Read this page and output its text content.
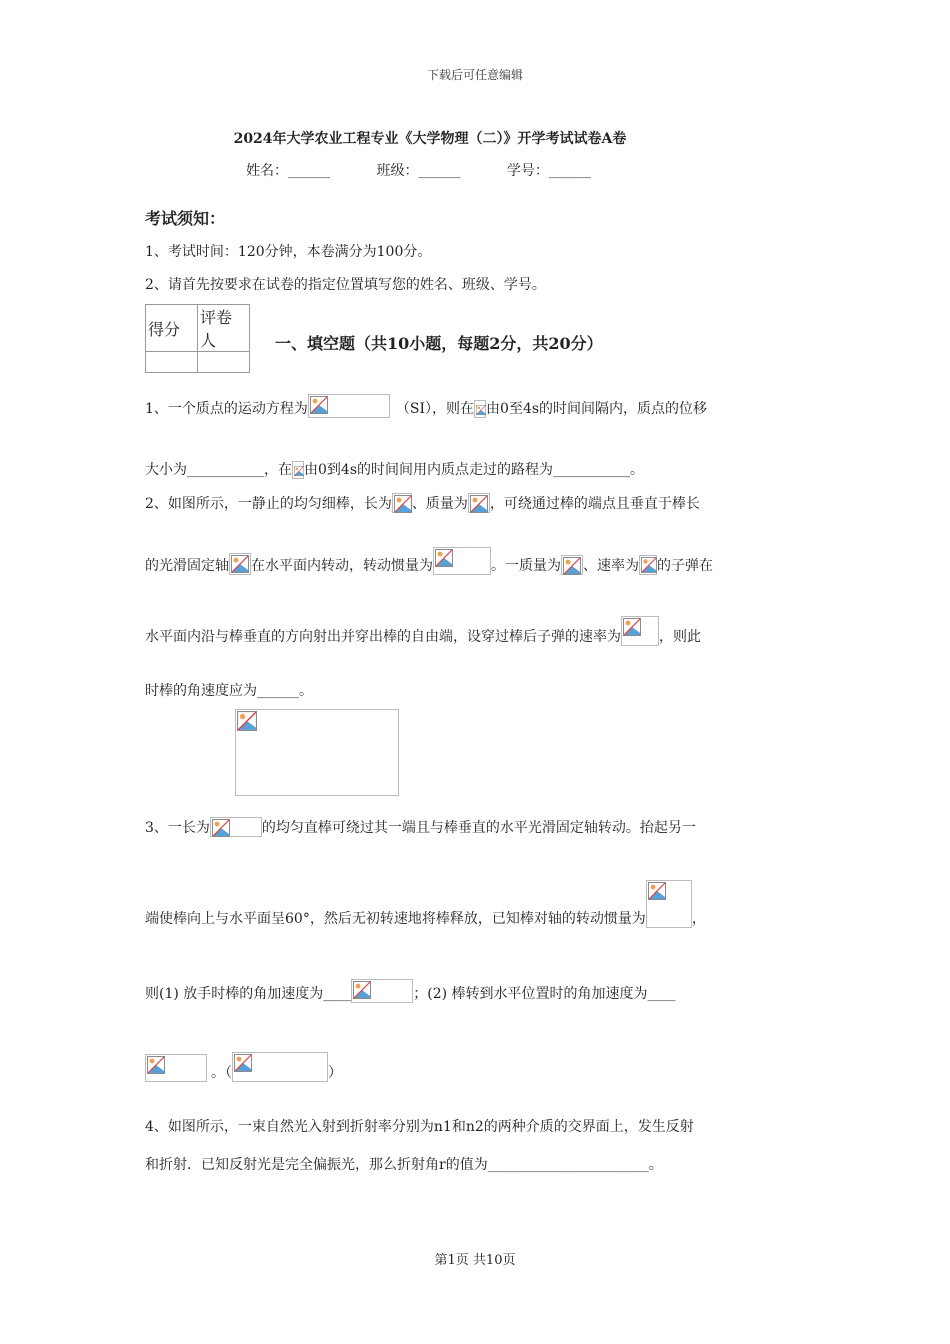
下载后可任意编辑
2024年大学农业工程专业《大学物理（二）》开学考试试卷A卷
姓名：______	班级：______	学号：______
考试须知：
1、考试时间：120分钟，本卷满分为100分。
2、请首先按要求在试卷的指定位置填写您的姓名、班级、学号。
得分	评卷人
		一、填空题（共10小题，每题2分，共20分）
1、一个质点的运动方程为	（SI），则在 由0至4s的时间间隔内，质点的位移
大小为___________，在 由0到4s的时间间用内质点走过的路程为___________。
2、如图所示，一静止的均匀细棒，长为 、质量为 ，可绕通过棒的端点且垂直于棒长
的光滑固定轴 在水平面内转动，转动惯量为	。一质量为 、速率为 的子弹在
水平面内沿与棒垂直的方向射出并穿出棒的自由端，设穿过棒后子弹的速率为	，则此
时棒的角速度应为______。
3、一长为	的均匀直棒可绕过其一端且与棒垂直的水平光滑固定轴转动。抬起另一
端使棒向上与水平面呈60°，然后无初转速地将棒释放，已知棒对轴的转动惯量为	，
则(1) 放手时棒的角加速度为____	；(2) 棒转到水平位置时的角加速度为____
。（	）
4、如图所示，一束自然光入射到折射率分别为n1和n2的两种介质的交界面上，发生反射
和折射．已知反射光是完全偏振光，那么折射角r的值为_______________________。
第1页 共10页
